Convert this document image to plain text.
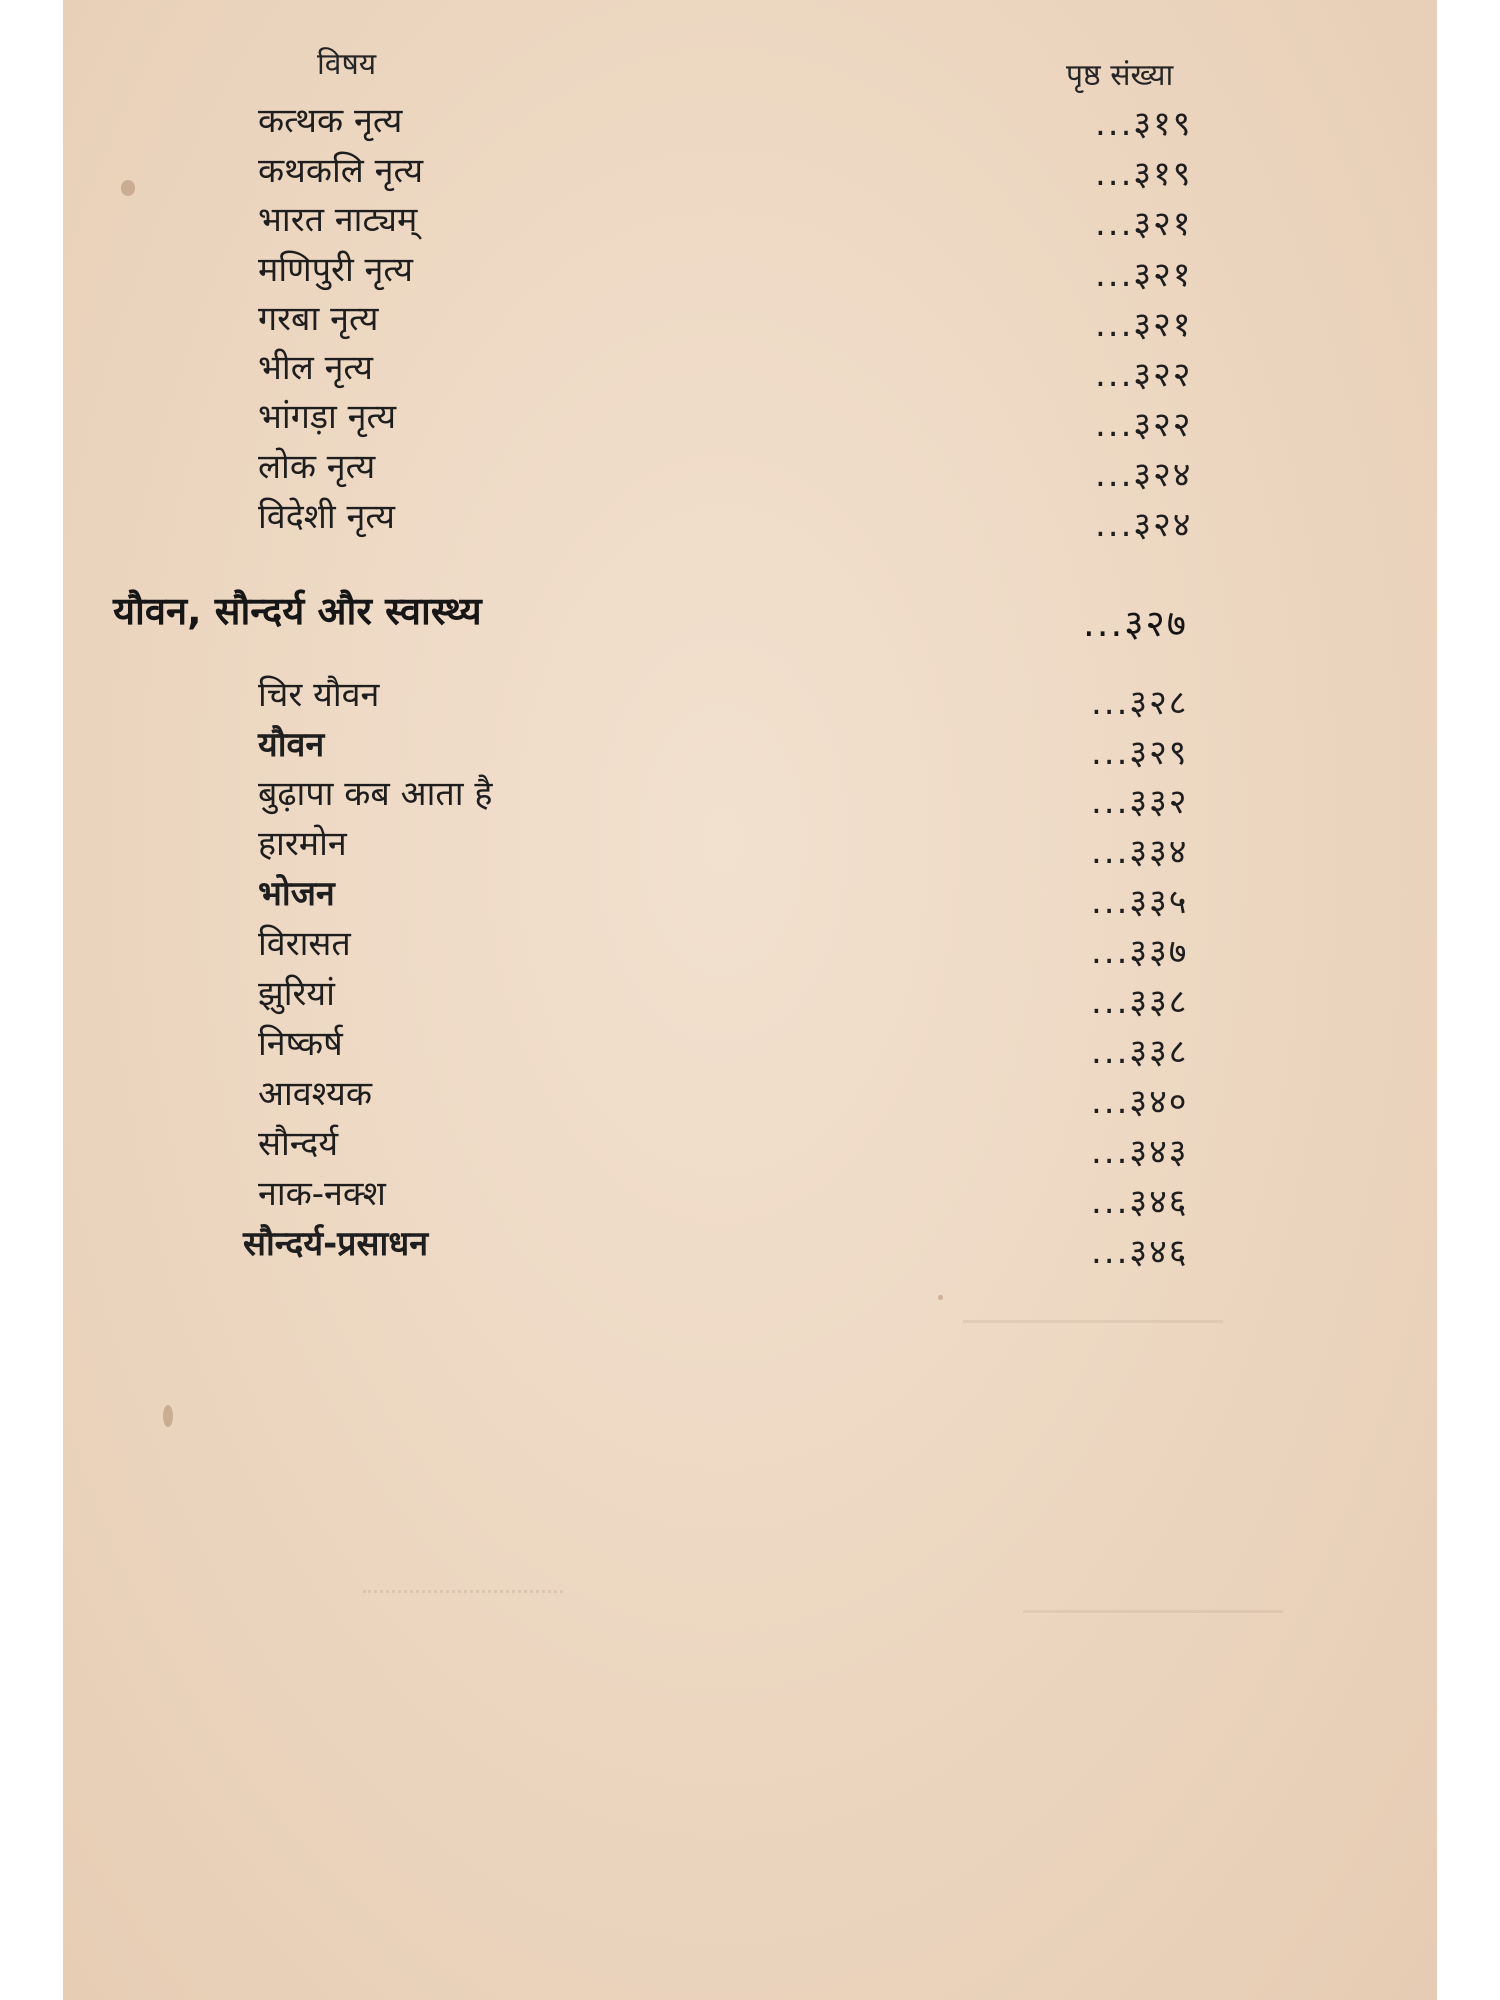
विषय	पृष्ठ संख्या
कत्थक नृत्य	...३१९
कथकलि नृत्य	...३१९
भारत नाट्यम्	...३२१
मणिपुरी नृत्य	...३२१
गरबा नृत्य	...३२१
भील नृत्य	...३२२
भांगड़ा नृत्य	...३२२
लोक नृत्य	...३२४
विदेशी नृत्य	...३२४
यौवन, सौन्दर्य और स्वास्थ्य	...३२७
चिर यौवन	...३२८
यौवन	...३२९
बुढ़ापा कब आता है	...३३२
हारमोन	...३३४
भोजन	...३३५
विरासत	...३३७
झुरियां	...३३८
निष्कर्ष	...३३८
आवश्यक	...३४०
सौन्दर्य	...३४३
नाक-नक्श	...३४६
सौन्दर्य-प्रसाधन	...३४६
